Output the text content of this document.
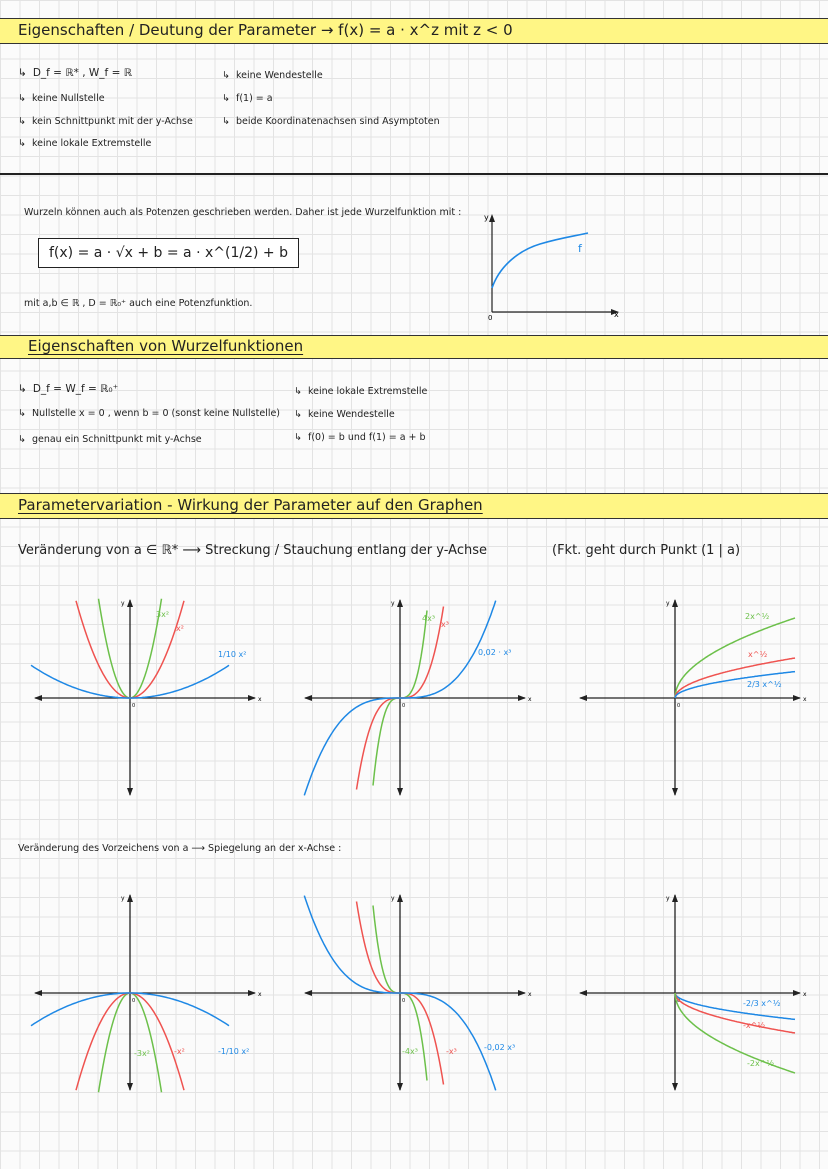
Eigenschaften / Deutung der Parameter → f(x) = a · x^z mit z < 0
↳ D_f = ℝ* , W_f = ℝ
↳ keine Nullstelle
↳ kein Schnittpunkt mit der y-Achse
↳ keine lokale Extremstelle
↳ keine Wendestelle
↳ f(1) = a
↳ beide Koordinatenachsen sind Asymptoten
Wurzeln können auch als Potenzen geschrieben werden. Daher ist jede Wurzelfunktion mit :
f(x) = a · √x + b = a · x^(1/2) + b
mit a,b ∈ ℝ , D = ℝ₀⁺ auch eine Potenzfunktion.
y
x
0
f
Eigenschaften von Wurzelfunktionen
↳ D_f = W_f = ℝ₀⁺
↳ Nullstelle x = 0 , wenn b = 0 (sonst keine Nullstelle)
↳ genau ein Schnittpunkt mit y-Achse
↳ keine lokale Extremstelle
↳ keine Wendestelle
↳ f(0) = b und f(1) = a + b
Parametervariation - Wirkung der Parameter auf den Graphen
Veränderung von a ∈ ℝ* ⟶ Streckung / Stauchung entlang der y-Achse	(Fkt. geht durch Punkt (1 | a)
x
y
0
3x²
x²
1/10 x²
x
y
0
4x³
x³
0,02 · x³
x
y
0
2x^½
x^½
2/3 x^½
Veränderung des Vorzeichens von a ⟶ Spiegelung an der x-Achse :
x
y
0
-3x²	-x²	-1/10 x²
x
y
0
-4x³	-x³	-0,02 x³
x
y
0	-2/3 x^½
-x^½
-2x^½
